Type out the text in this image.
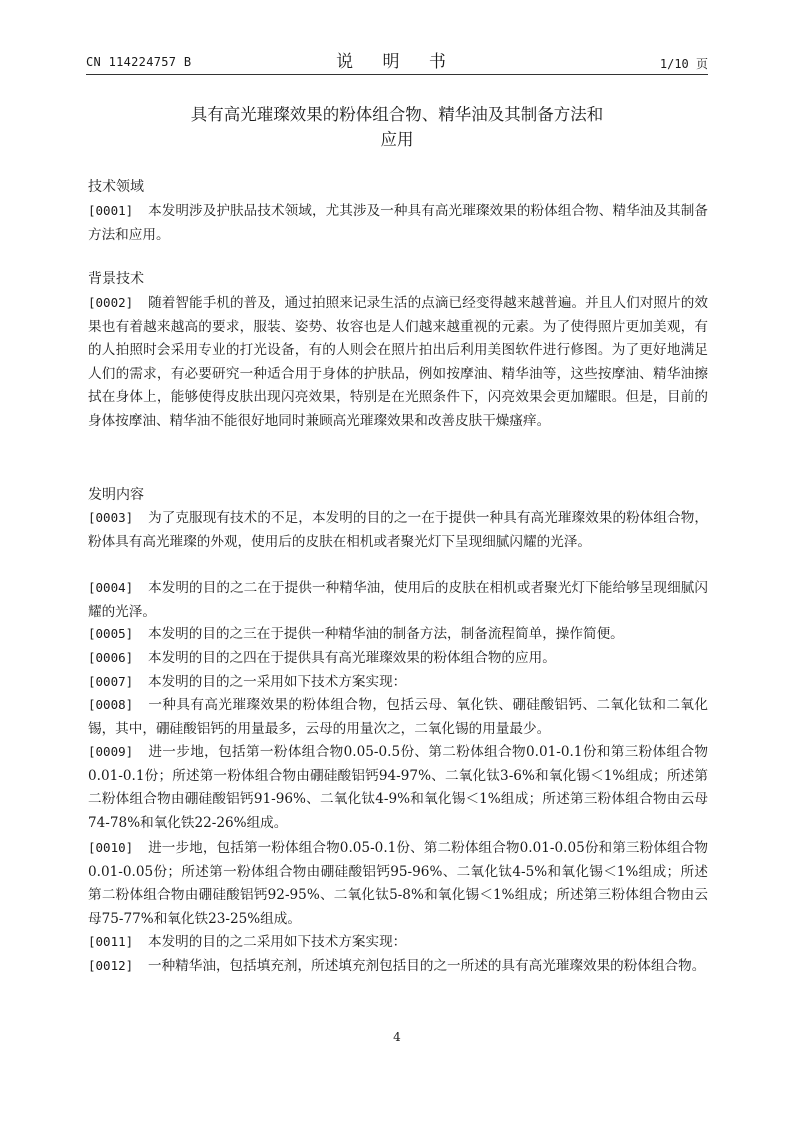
CN 114224757 B	说 明 书	1/10 页
具有高光璀璨效果的粉体组合物、精华油及其制备方法和
应用
技术领域
[0001] 本发明涉及护肤品技术领域，尤其涉及一种具有高光璀璨效果的粉体组合物、精华油及其制备方法和应用。
背景技术
[0002] 随着智能手机的普及，通过拍照来记录生活的点滴已经变得越来越普遍。并且人们对照片的效果也有着越来越高的要求，服装、姿势、妆容也是人们越来越重视的元素。为了使得照片更加美观，有的人拍照时会采用专业的打光设备，有的人则会在照片拍出后利用美图软件进行修图。为了更好地满足人们的需求，有必要研究一种适合用于身体的护肤品，例如按摩油、精华油等，这些按摩油、精华油擦拭在身体上，能够使得皮肤出现闪亮效果，特别是在光照条件下，闪亮效果会更加耀眼。但是，目前的身体按摩油、精华油不能很好地同时兼顾高光璀璨效果和改善皮肤干燥瘙痒。
发明内容
[0003] 为了克服现有技术的不足，本发明的目的之一在于提供一种具有高光璀璨效果的粉体组合物，粉体具有高光璀璨的外观，使用后的皮肤在相机或者聚光灯下呈现细腻闪耀的光泽。
[0004] 本发明的目的之二在于提供一种精华油，使用后的皮肤在相机或者聚光灯下能给够呈现细腻闪耀的光泽。
[0005] 本发明的目的之三在于提供一种精华油的制备方法，制备流程简单，操作简便。
[0006] 本发明的目的之四在于提供具有高光璀璨效果的粉体组合物的应用。
[0007] 本发明的目的之一采用如下技术方案实现：
[0008] 一种具有高光璀璨效果的粉体组合物，包括云母、氧化铁、硼硅酸铝钙、二氧化钛和二氧化锡，其中，硼硅酸铝钙的用量最多，云母的用量次之，二氧化锡的用量最少。
[0009] 进一步地，包括第一粉体组合物0.05-0.5份、第二粉体组合物0.01-0.1份和第三粉体组合物0.01-0.1份；所述第一粉体组合物由硼硅酸铝钙94-97%、二氧化钛3-6%和氧化锡＜1%组成；所述第二粉体组合物由硼硅酸铝钙91-96%、二氧化钛4-9%和氧化锡＜1%组成；所述第三粉体组合物由云母74-78%和氧化铁22-26%组成。
[0010] 进一步地，包括第一粉体组合物0.05-0.1份、第二粉体组合物0.01-0.05份和第三粉体组合物0.01-0.05份；所述第一粉体组合物由硼硅酸铝钙95-96%、二氧化钛4-5%和氧化锡＜1%组成；所述第二粉体组合物由硼硅酸铝钙92-95%、二氧化钛5-8%和氧化锡＜1%组成；所述第三粉体组合物由云母75-77%和氧化铁23-25%组成。
[0011] 本发明的目的之二采用如下技术方案实现：
[0012] 一种精华油，包括填充剂，所述填充剂包括目的之一所述的具有高光璀璨效果的粉体组合物。
4
